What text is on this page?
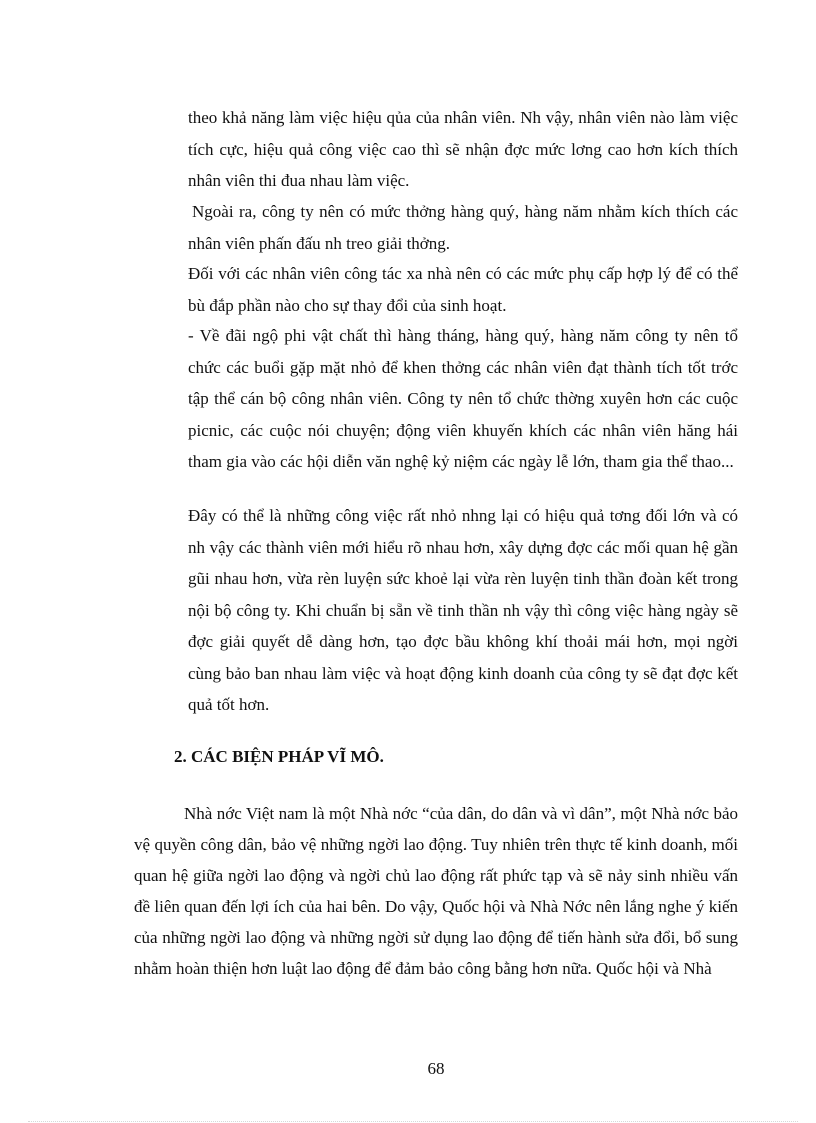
theo khả năng làm việc hiệu qủa của nhân viên. Nh vậy, nhân viên nào làm việc tích cực, hiệu quả công việc cao thì sẽ nhận đợc mức lơng cao hơn kích thích nhân viên thi đua nhau làm việc.

Ngoài ra, công ty nên có mức thởng hàng quý, hàng năm nhằm kích thích các nhân viên phấn đấu nh treo giải thởng.

Đối với các nhân viên công tác xa nhà nên có các mức phụ cấp hợp lý để có thể bù đắp phần nào cho sự thay đổi của sinh hoạt.

- Về đãi ngộ phi vật chất thì hàng tháng, hàng quý, hàng năm công ty nên tổ chức các buổi gặp mặt nhỏ để khen thởng các nhân viên đạt thành tích tốt trớc tập thể cán bộ công nhân viên. Công ty nên tổ chức thờng xuyên hơn các cuộc picnic, các cuộc nói chuyện; động viên khuyến khích các nhân viên hăng hái tham gia vào các hội diễn văn nghệ kỷ niệm các ngày lễ lớn, tham gia thể thao...

Đây có thể là những công việc rất nhỏ nhng lại có hiệu quả tơng đối lớn và có nh vậy các thành viên mới hiểu rõ nhau hơn, xây dựng đợc các mối quan hệ gần gũi nhau hơn, vừa rèn luyện sức khoẻ lại vừa rèn luyện tinh thần đoàn kết trong nội bộ công ty. Khi chuẩn bị sẵn về tinh thần nh vậy thì công việc hàng ngày sẽ đợc giải quyết dễ dàng hơn, tạo đợc bầu không khí thoải mái hơn, mọi ngời cùng bảo ban nhau làm việc và hoạt động kinh doanh của công ty sẽ đạt đợc kết quả tốt hơn.

2. CÁC BIỆN PHÁP VĨ MÔ.

Nhà nớc Việt nam là một Nhà nớc “của dân, do dân và vì dân”, một Nhà nớc bảo vệ quyền công dân, bảo vệ những ngời lao động. Tuy nhiên trên thực tế kinh doanh, mối quan hệ giữa ngời lao động và ngời chủ lao động rất phức tạp và sẽ nảy sinh nhiều vấn đề liên quan đến lợi ích của hai bên. Do vậy, Quốc hội và Nhà Nớc nên lắng nghe ý kiến của những ngời lao động và những ngời sử dụng lao động để tiến hành sửa đổi, bổ sung nhằm hoàn thiện hơn luật lao động để đảm bảo công bằng hơn nữa. Quốc hội và Nhà

68
